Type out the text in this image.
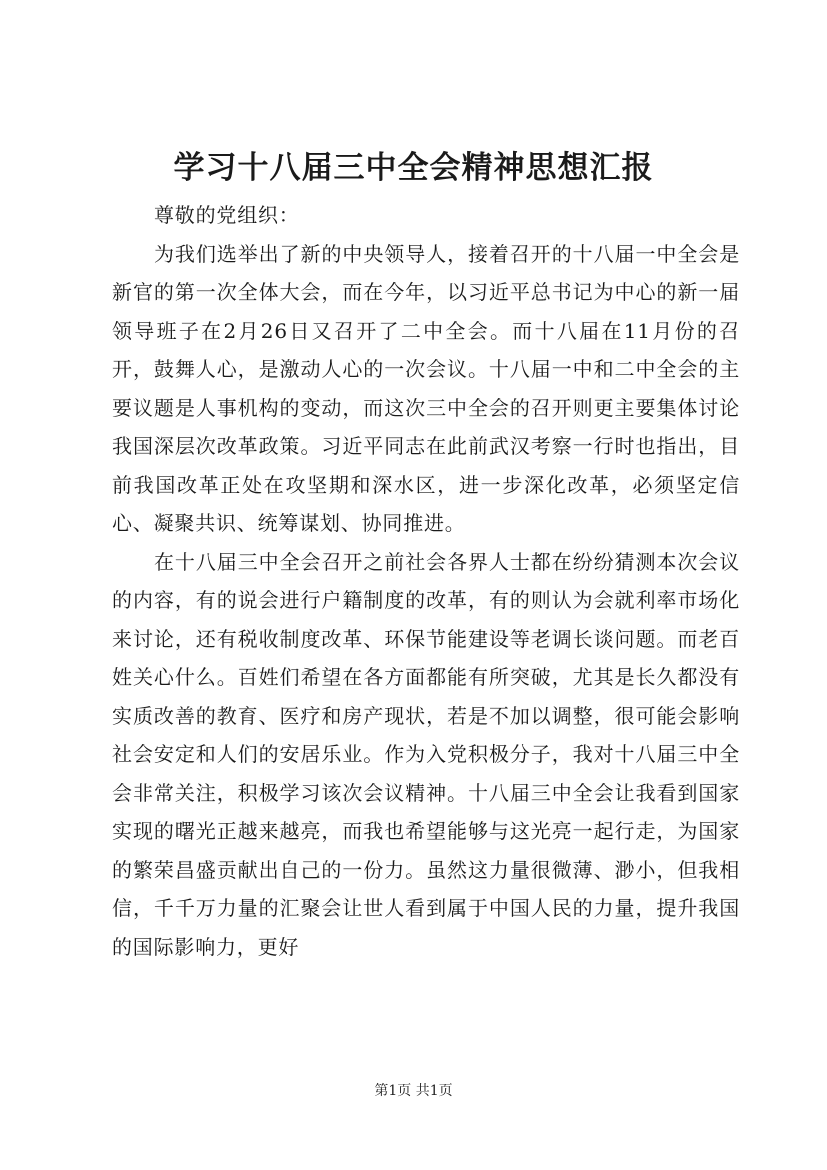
学习十八届三中全会精神思想汇报

尊敬的党组织：

为我们选举出了新的中央领导人，接着召开的十八届一中全会是新官的第一次全体大会，而在今年，以习近平总书记为中心的新一届领导班子在2月26日又召开了二中全会。而十八届在11月份的召开，鼓舞人心，是激动人心的一次会议。十八届一中和二中全会的主要议题是人事机构的变动，而这次三中全会的召开则更主要集体讨论我国深层次改革政策。习近平同志在此前武汉考察一行时也指出，目前我国改革正处在攻坚期和深水区，进一步深化改革，必须坚定信心、凝聚共识、统筹谋划、协同推进。

在十八届三中全会召开之前社会各界人士都在纷纷猜测本次会议的内容，有的说会进行户籍制度的改革，有的则认为会就利率市场化来讨论，还有税收制度改革、环保节能建设等老调长谈问题。而老百姓关心什么。百姓们希望在各方面都能有所突破，尤其是长久都没有实质改善的教育、医疗和房产现状，若是不加以调整，很可能会影响社会安定和人们的安居乐业。作为入党积极分子，我对十八届三中全会非常关注，积极学习该次会议精神。十八届三中全会让我看到国家实现的曙光正越来越亮，而我也希望能够与这光亮一起行走，为国家的繁荣昌盛贡献出自己的一份力。虽然这力量很微薄、渺小，但我相信，千千万力量的汇聚会让世人看到属于中国人民的力量，提升我国的国际影响力，更好

第1页 共1页
